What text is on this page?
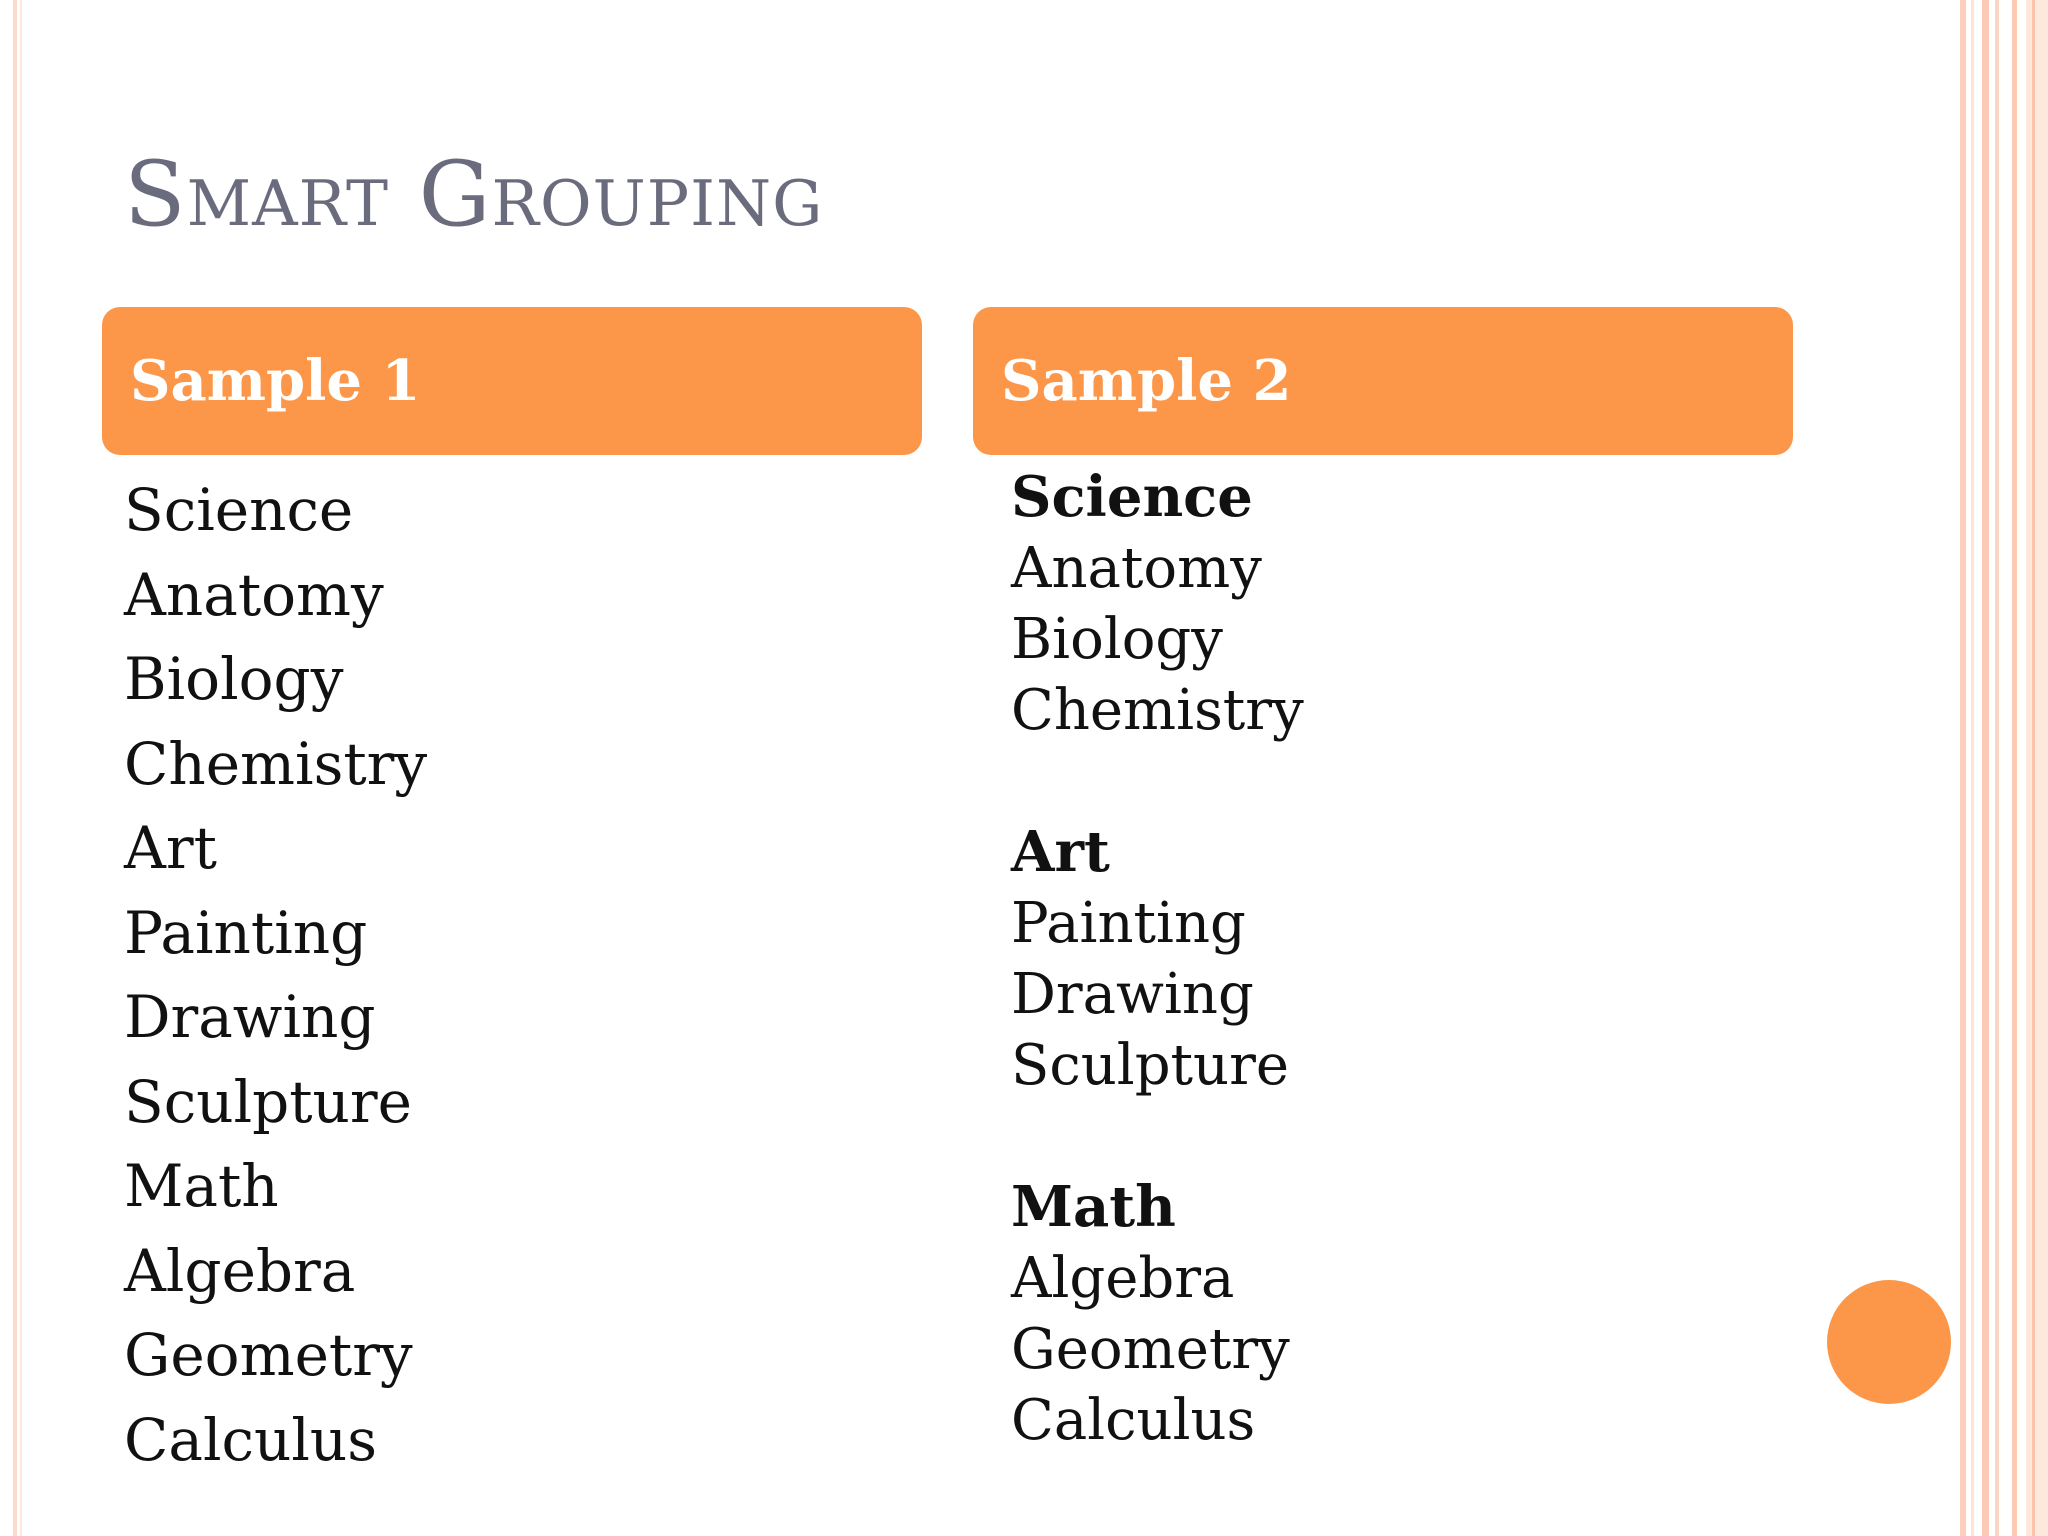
Smart Grouping
Sample 1	Sample 2
Science
Anatomy
Biology
Chemistry
Art
Painting
Drawing
Sculpture
Math
Algebra
Geometry
Calculus
Science
Anatomy
Biology
Chemistry
Art
Painting
Drawing
Sculpture
Math
Algebra
Geometry
Calculus
